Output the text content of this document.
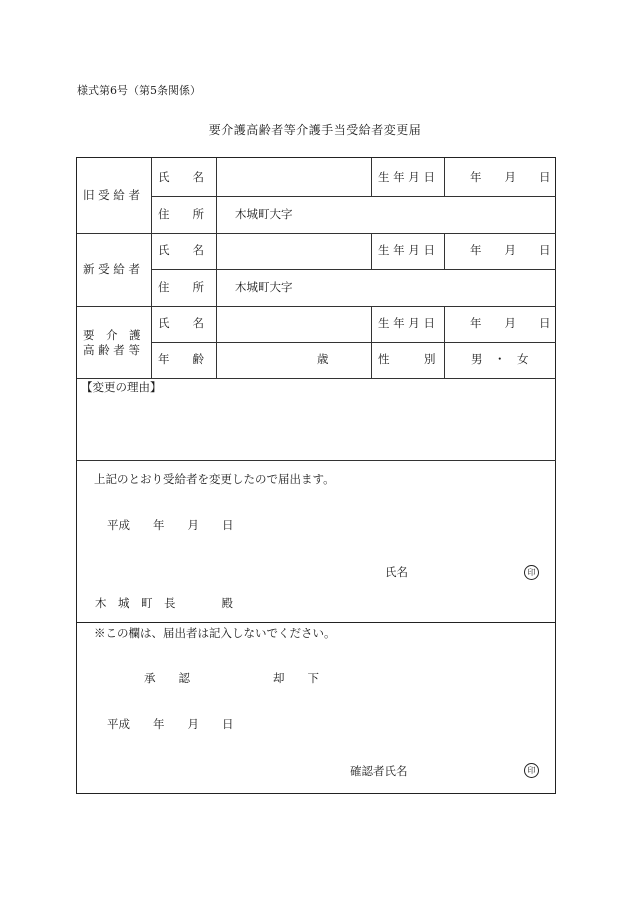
様式第6号（第5条関係）
要介護高齢者等介護手当受給者変更届
旧 受 給 者
氏　　名	生 年 月 日	年　　月　　日
住　　所	木城町大字
新 受 給 者
氏　　名	生 年 月 日	年　　月　　日
住　　所	木城町大字
要　介　護
高 齢 者 等
氏　　名	生 年 月 日	年　　月　　日
年　　齢	歳	性　　　別	男　・　女
【変更の理由】
上記のとおり受給者を変更したので届出ます。
平成　　年　　月　　日
氏名	印
木　城　町　長　　　　殿
※この欄は、届出者は記入しないでください。
承　　認	却　　下
平成　　年　　月　　日
確認者氏名	印
